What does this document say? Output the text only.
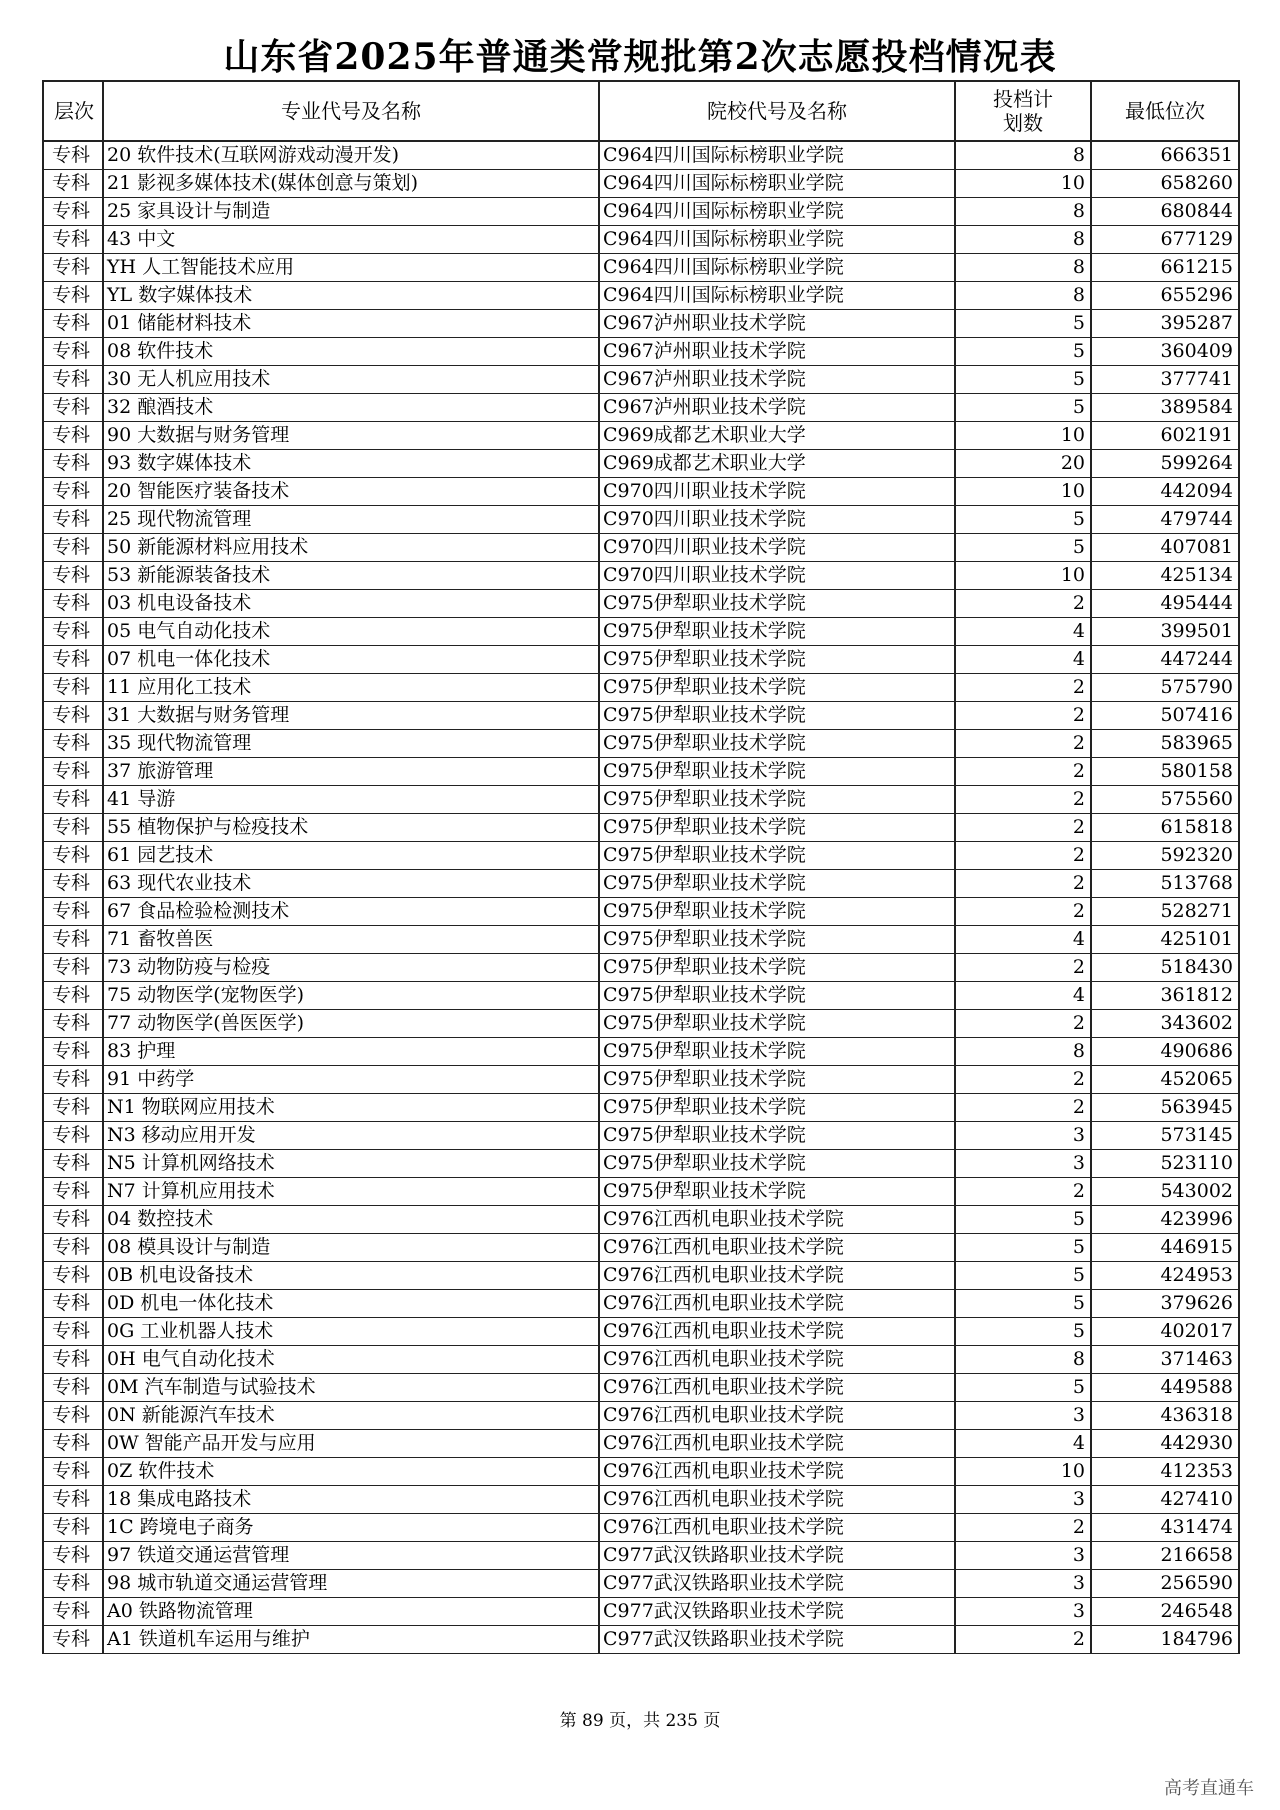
山东省2025年普通类常规批第2次志愿投档情况表
层次	专业代号及名称	院校代号及名称	投档计
划数	最低位次
专科	20 软件技术(互联网游戏动漫开发)	C964四川国际标榜职业学院	8	666351
专科	21 影视多媒体技术(媒体创意与策划)	C964四川国际标榜职业学院	10	658260
专科	25 家具设计与制造	C964四川国际标榜职业学院	8	680844
专科	43 中文	C964四川国际标榜职业学院	8	677129
专科	YH 人工智能技术应用	C964四川国际标榜职业学院	8	661215
专科	YL 数字媒体技术	C964四川国际标榜职业学院	8	655296
专科	01 储能材料技术	C967泸州职业技术学院	5	395287
专科	08 软件技术	C967泸州职业技术学院	5	360409
专科	30 无人机应用技术	C967泸州职业技术学院	5	377741
专科	32 酿酒技术	C967泸州职业技术学院	5	389584
专科	90 大数据与财务管理	C969成都艺术职业大学	10	602191
专科	93 数字媒体技术	C969成都艺术职业大学	20	599264
专科	20 智能医疗装备技术	C970四川职业技术学院	10	442094
专科	25 现代物流管理	C970四川职业技术学院	5	479744
专科	50 新能源材料应用技术	C970四川职业技术学院	5	407081
专科	53 新能源装备技术	C970四川职业技术学院	10	425134
专科	03 机电设备技术	C975伊犁职业技术学院	2	495444
专科	05 电气自动化技术	C975伊犁职业技术学院	4	399501
专科	07 机电一体化技术	C975伊犁职业技术学院	4	447244
专科	11 应用化工技术	C975伊犁职业技术学院	2	575790
专科	31 大数据与财务管理	C975伊犁职业技术学院	2	507416
专科	35 现代物流管理	C975伊犁职业技术学院	2	583965
专科	37 旅游管理	C975伊犁职业技术学院	2	580158
专科	41 导游	C975伊犁职业技术学院	2	575560
专科	55 植物保护与检疫技术	C975伊犁职业技术学院	2	615818
专科	61 园艺技术	C975伊犁职业技术学院	2	592320
专科	63 现代农业技术	C975伊犁职业技术学院	2	513768
专科	67 食品检验检测技术	C975伊犁职业技术学院	2	528271
专科	71 畜牧兽医	C975伊犁职业技术学院	4	425101
专科	73 动物防疫与检疫	C975伊犁职业技术学院	2	518430
专科	75 动物医学(宠物医学)	C975伊犁职业技术学院	4	361812
专科	77 动物医学(兽医医学)	C975伊犁职业技术学院	2	343602
专科	83 护理	C975伊犁职业技术学院	8	490686
专科	91 中药学	C975伊犁职业技术学院	2	452065
专科	N1 物联网应用技术	C975伊犁职业技术学院	2	563945
专科	N3 移动应用开发	C975伊犁职业技术学院	3	573145
专科	N5 计算机网络技术	C975伊犁职业技术学院	3	523110
专科	N7 计算机应用技术	C975伊犁职业技术学院	2	543002
专科	04 数控技术	C976江西机电职业技术学院	5	423996
专科	08 模具设计与制造	C976江西机电职业技术学院	5	446915
专科	0B 机电设备技术	C976江西机电职业技术学院	5	424953
专科	0D 机电一体化技术	C976江西机电职业技术学院	5	379626
专科	0G 工业机器人技术	C976江西机电职业技术学院	5	402017
专科	0H 电气自动化技术	C976江西机电职业技术学院	8	371463
专科	0M 汽车制造与试验技术	C976江西机电职业技术学院	5	449588
专科	0N 新能源汽车技术	C976江西机电职业技术学院	3	436318
专科	0W 智能产品开发与应用	C976江西机电职业技术学院	4	442930
专科	0Z 软件技术	C976江西机电职业技术学院	10	412353
专科	18 集成电路技术	C976江西机电职业技术学院	3	427410
专科	1C 跨境电子商务	C976江西机电职业技术学院	2	431474
专科	97 铁道交通运营管理	C977武汉铁路职业技术学院	3	216658
专科	98 城市轨道交通运营管理	C977武汉铁路职业技术学院	3	256590
专科	A0 铁路物流管理	C977武汉铁路职业技术学院	3	246548
专科	A1 铁道机车运用与维护	C977武汉铁路职业技术学院	2	184796
第 89 页，共 235 页
高考直通车
